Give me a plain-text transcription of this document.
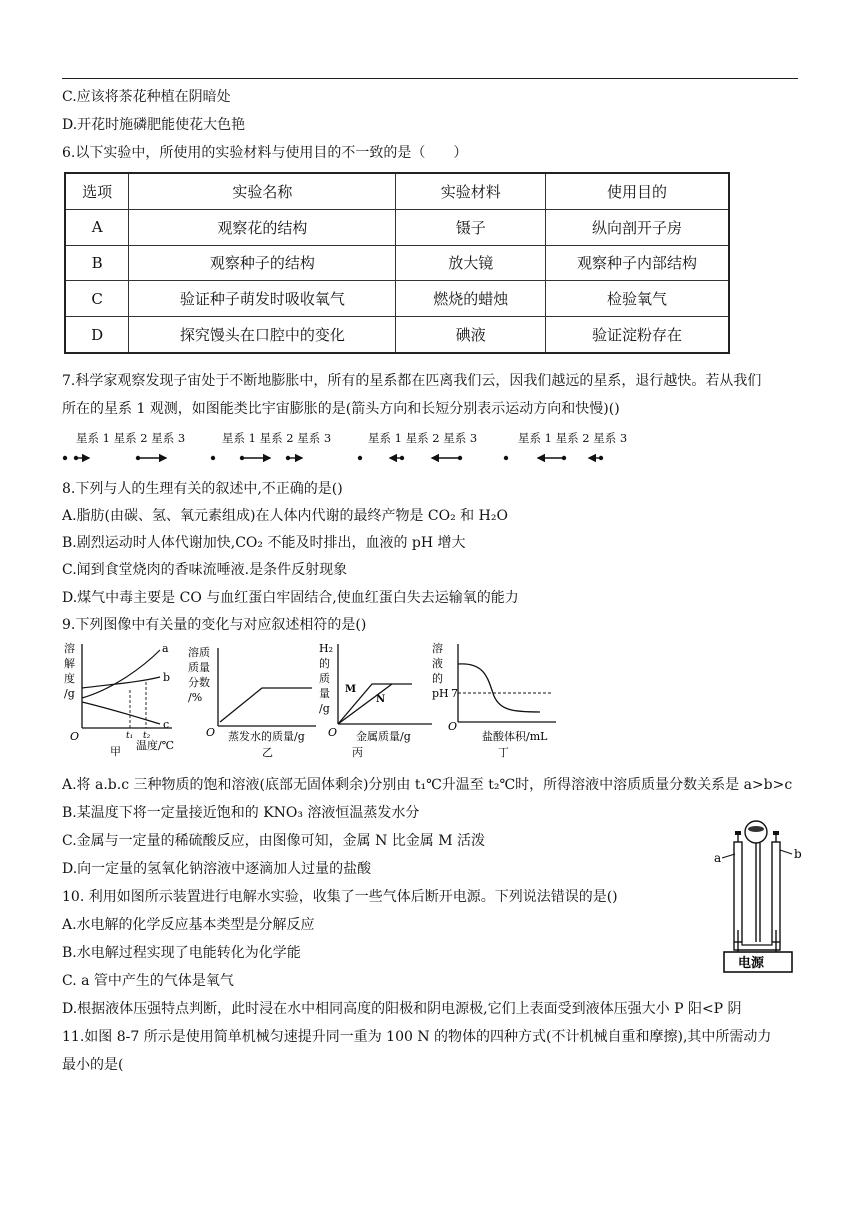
C.应该将茶花种植在阴暗处
D.开花时施磷肥能使花大色艳
6.以下实验中，所使用的实验材料与使用目的不一致的是（　　）
选项	实验名称	实验材料	使用目的
A	观察花的结构	镊子	纵向剖开子房
B	观察种子的结构	放大镜	观察种子内部结构
C	验证种子萌发时吸收氧气	燃烧的蜡烛	检验氧气
D	探究馒头在口腔中的变化	碘液	验证淀粉存在
7.科学家观察发现子宙处于不断地膨胀中，所有的星系都在匹离我们云，因我们越远的星系，退行越快。若从我们
所在的星系 1 观测，如图能类比宇宙膨胀的是(箭头方向和长短分别表示运动方向和快慢)()
星系 1 星系 2 星系 3	星系 1 星系 2 星系 3	星系 1 星系 2 星系 3	星系 1 星系 2 星系 3
8.下列与人的生理有关的叙述中,不正确的是()
A.脂肪(由碳、氢、氧元素组成)在人体内代谢的最终产物是 CO₂ 和 H₂O
B.剧烈运动时人体代谢加快,CO₂ 不能及时排出，血液的 pH 增大
C.闻到食堂烧肉的香味流唾液.是条件反射现象
D.煤气中毒主要是 CO 与血红蛋白牢固结合,使血红蛋白失去运输氧的能力
9.下列图像中有关量的变化与对应叙述相符的是()
溶
解
度
/g
a
b
c
t₁ t₂
O
甲 温度/℃
溶质
质量
分数
/%
O 蒸发水的质量/g
乙
H₂
的
质
量
/g
M
N
O 金属质量/g
丙
溶
液
的
pH 7
O
盐酸体积/mL
丁
A.将 a.b.c 三种物质的饱和溶液(底部无固体剩余)分别由 t₁℃升温至 t₂℃时，所得溶液中溶质质量分数关系是 a>b>c
B.某温度下将一定量接近饱和的 KNO₃ 溶液恒温蒸发水分
C.金属与一定量的稀硫酸反应，由图像可知，金属 N 比金属 M 活泼
D.向一定量的氢氧化钠溶液中逐滴加人过量的盐酸
10. 利用如图所示装置进行电解水实验，收集了一些气体后断开电源。下列说法错误的是()
A.水电解的化学反应基本类型是分解反应
B.水电解过程实现了电能转化为化学能
C. a 管中产生的气体是氧气
D.根据液体压强特点判断，此时浸在水中相同高度的阳极和阴电源极,它们上表面受到液体压强大小 P 阳<P 阴
11.如图 8-7 所示是使用简单机械匀速提升同一重为 100 N 的物体的四种方式(不计机械自重和摩擦),其中所需动力
最小的是(
a	b
电源
